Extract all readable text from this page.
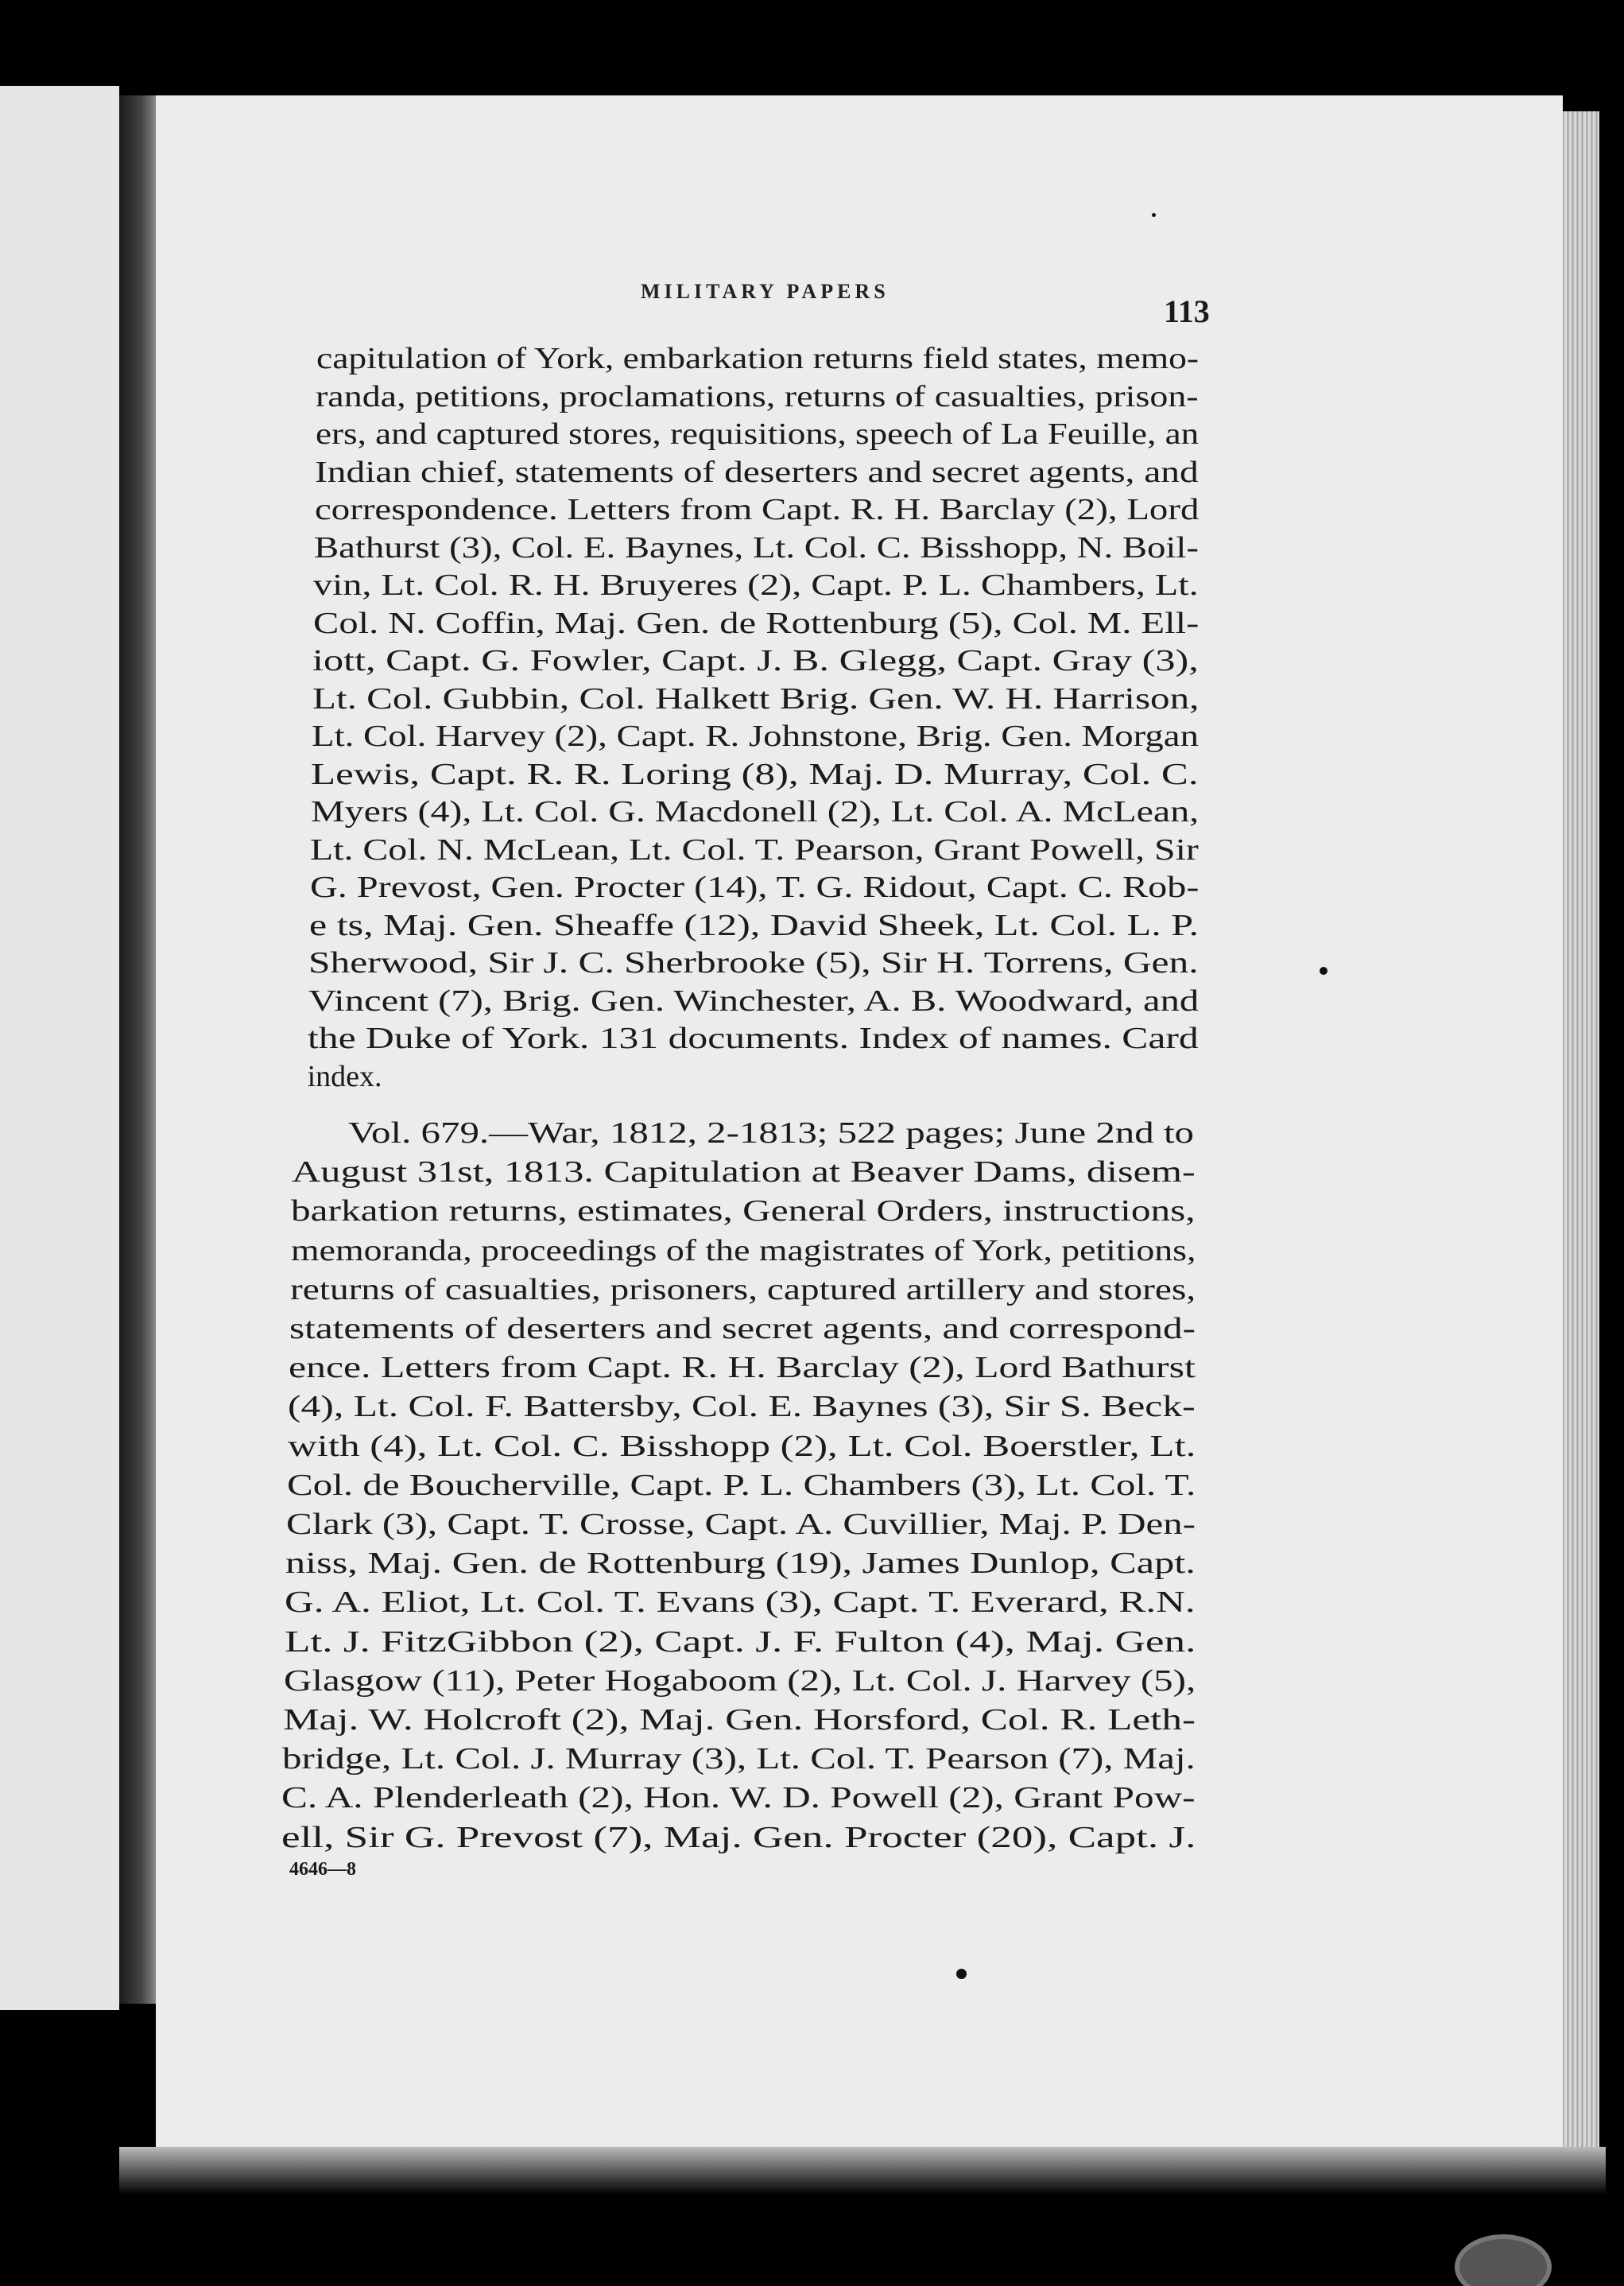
MILITARY PAPERS
113
capitulation of York, embarkation returns field states, memo-
randa, petitions, proclamations, returns of casualties, prison-
ers, and captured stores, requisitions, speech of La Feuille, an
Indian chief, statements of deserters and secret agents, and
correspondence. Letters from Capt. R. H. Barclay (2), Lord
Bathurst (3), Col. E. Baynes, Lt. Col. C. Bisshopp, N. Boil-
vin, Lt. Col. R. H. Bruyeres (2), Capt. P. L. Chambers, Lt.
Col. N. Coffin, Maj. Gen. de Rottenburg (5), Col. M. Ell-
iott, Capt. G. Fowler, Capt. J. B. Glegg, Capt. Gray (3),
Lt. Col. Gubbin, Col. Halkett Brig. Gen. W. H. Harrison,
Lt. Col. Harvey (2), Capt. R. Johnstone, Brig. Gen. Morgan
Lewis, Capt. R. R. Loring (8), Maj. D. Murray, Col. C.
Myers (4), Lt. Col. G. Macdonell (2), Lt. Col. A. McLean,
Lt. Col. N. McLean, Lt. Col. T. Pearson, Grant Powell, Sir
G. Prevost, Gen. Procter (14), T. G. Ridout, Capt. C. Rob-
e ts, Maj. Gen. Sheaffe (12), David Sheek, Lt. Col. L. P.
Sherwood, Sir J. C. Sherbrooke (5), Sir H. Torrens, Gen.
Vincent (7), Brig. Gen. Winchester, A. B. Woodward, and
the Duke of York. 131 documents. Index of names. Card
index.
Vol. 679.—War, 1812, 2-1813; 522 pages; June 2nd to
August 31st, 1813. Capitulation at Beaver Dams, disem-
barkation returns, estimates, General Orders, instructions,
memoranda, proceedings of the magistrates of York, petitions,
returns of casualties, prisoners, captured artillery and stores,
statements of deserters and secret agents, and correspond-
ence. Letters from Capt. R. H. Barclay (2), Lord Bathurst
(4), Lt. Col. F. Battersby, Col. E. Baynes (3), Sir S. Beck-
with (4), Lt. Col. C. Bisshopp (2), Lt. Col. Boerstler, Lt.
Col. de Boucherville, Capt. P. L. Chambers (3), Lt. Col. T.
Clark (3), Capt. T. Crosse, Capt. A. Cuvillier, Maj. P. Den-
niss, Maj. Gen. de Rottenburg (19), James Dunlop, Capt.
G. A. Eliot, Lt. Col. T. Evans (3), Capt. T. Everard, R.N.
Lt. J. FitzGibbon (2), Capt. J. F. Fulton (4), Maj. Gen.
Glasgow (11), Peter Hogaboom (2), Lt. Col. J. Harvey (5),
Maj. W. Holcroft (2), Maj. Gen. Horsford, Col. R. Leth-
bridge, Lt. Col. J. Murray (3), Lt. Col. T. Pearson (7), Maj.
C. A. Plenderleath (2), Hon. W. D. Powell (2), Grant Pow-
ell, Sir G. Prevost (7), Maj. Gen. Procter (20), Capt. J.
4646—8
